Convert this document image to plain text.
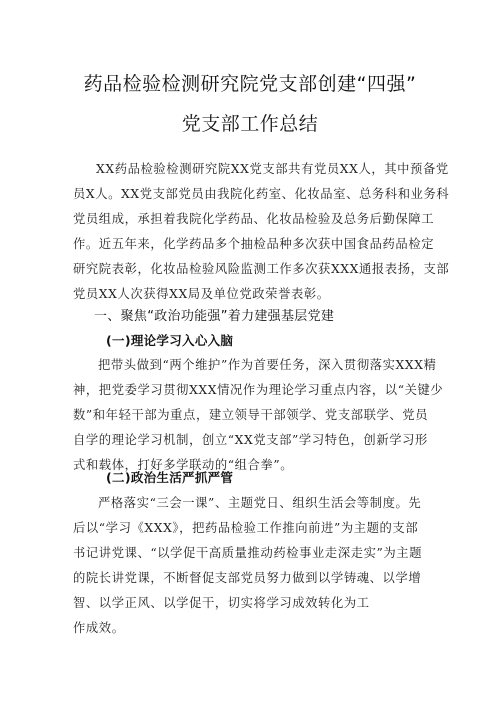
药品检验检测研究院党支部创建“四强”
党支部工作总结
XX药品检验检测研究院XX党支部共有党员XX人，其中预备党
员X人。XX党支部党员由我院化药室、化妆品室、总务科和业务科
党员组成，承担着我院化学药品、化妆品检验及总务后勤保障工
作。近五年来，化学药品多个抽检品种多次获中国食品药品检定
研究院表彰，化妆品检验风险监测工作多次获XXX通报表扬，支部
党员XX人次获得XX局及单位党政荣誉表彰。
一、聚焦“政治功能强”着力建强基层党建
(一)理论学习入心入脑
把带头做到“两个维护”作为首要任务，深入贯彻落实XXX精
神，把党委学习贯彻XXX情况作为理论学习重点内容，以“关键少
数”和年轻干部为重点，建立领导干部领学、党支部联学、党员
自学的理论学习机制，创立“XX党支部”学习特色，创新学习形
式和载体，打好多学联动的“组合拳”。
(二)政治生活严抓严管
严格落实“三会一课”、主题党日、组织生活会等制度。先
后以“学习《XXX》，把药品检验工作推向前进”为主题的支部
书记讲党课、“以学促干高质量推动药检事业走深走实”为主题
的院长讲党课，不断督促支部党员努力做到以学铸魂、以学增
智、以学正风、以学促干，切实将学习成效转化为工
作成效。
